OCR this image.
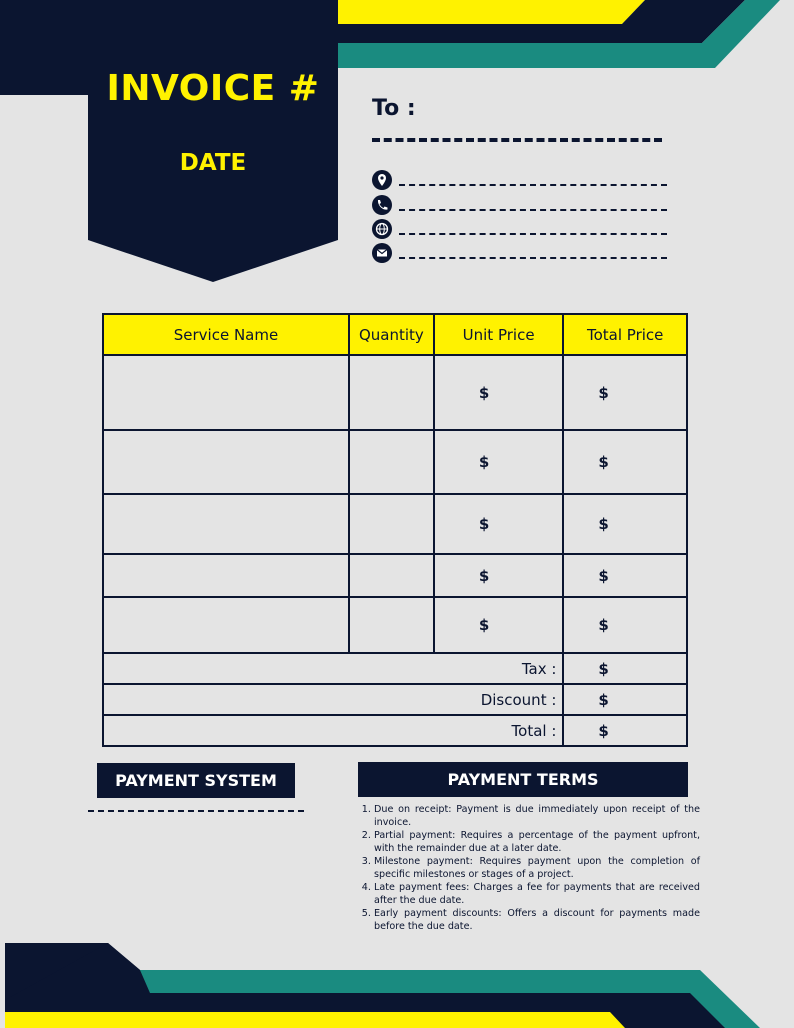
INVOICE #
DATE
To :
Service Name	Quantity	Unit Price	Total Price
		$	$
		$	$
		$	$
		$	$
		$	$
Tax :			$
Discount :			$
Total :			$
PAYMENT SYSTEM	PAYMENT TERMS
1. Due on receipt: Payment is due immediately upon receipt of the invoice.
2. Partial payment: Requires a percentage of the payment upfront, with the remainder due at a later date.
3. Milestone payment: Requires payment upon the completion of specific milestones or stages of a project.
4. Late payment fees: Charges a fee for payments that are received after the due date.
5. Early payment discounts: Offers a discount for payments made before the due date.
